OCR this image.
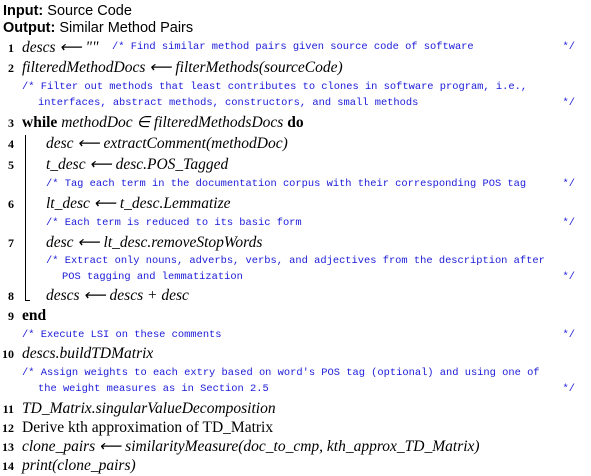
Input: Source Code
Output: Similar Method Pairs
1 descs ⟵ "" /* Find similar method pairs given source code of software	*/
2 filteredMethodDocs ⟵ filterMethods(sourceCode)
/* Filter out methods that least contributes to clones in software program, i.e.,
interfaces, abstract methods, constructors, and small methods	*/
3 while methodDoc ∈ filteredMethodsDocs do
4 desc ⟵ extractComment(methodDoc)
5 t_desc ⟵ desc.POS_Tagged
/* Tag each term in the documentation corpus with their corresponding POS tag	*/
6 lt_desc ⟵ t_desc.Lemmatize
/* Each term is reduced to its basic form	*/
7 desc ⟵ lt_desc.removeStopWords
/* Extract only nouns, adverbs, verbs, and adjectives from the description after
POS tagging and lemmatization	*/
8 descs ⟵ descs + desc
9 end
/* Execute LSI on these comments	*/
10 descs.buildTDMatrix
/* Assign weights to each extry based on word's POS tag (optional) and using one of
the weight measures as in Section 2.5	*/
11 TD_Matrix.singularValueDecomposition
12 Derive kth approximation of TD_Matrix
13 clone_pairs ⟵ similarityMeasure(doc_to_cmp, kth_approx_TD_Matrix)
14 print(clone_pairs)
